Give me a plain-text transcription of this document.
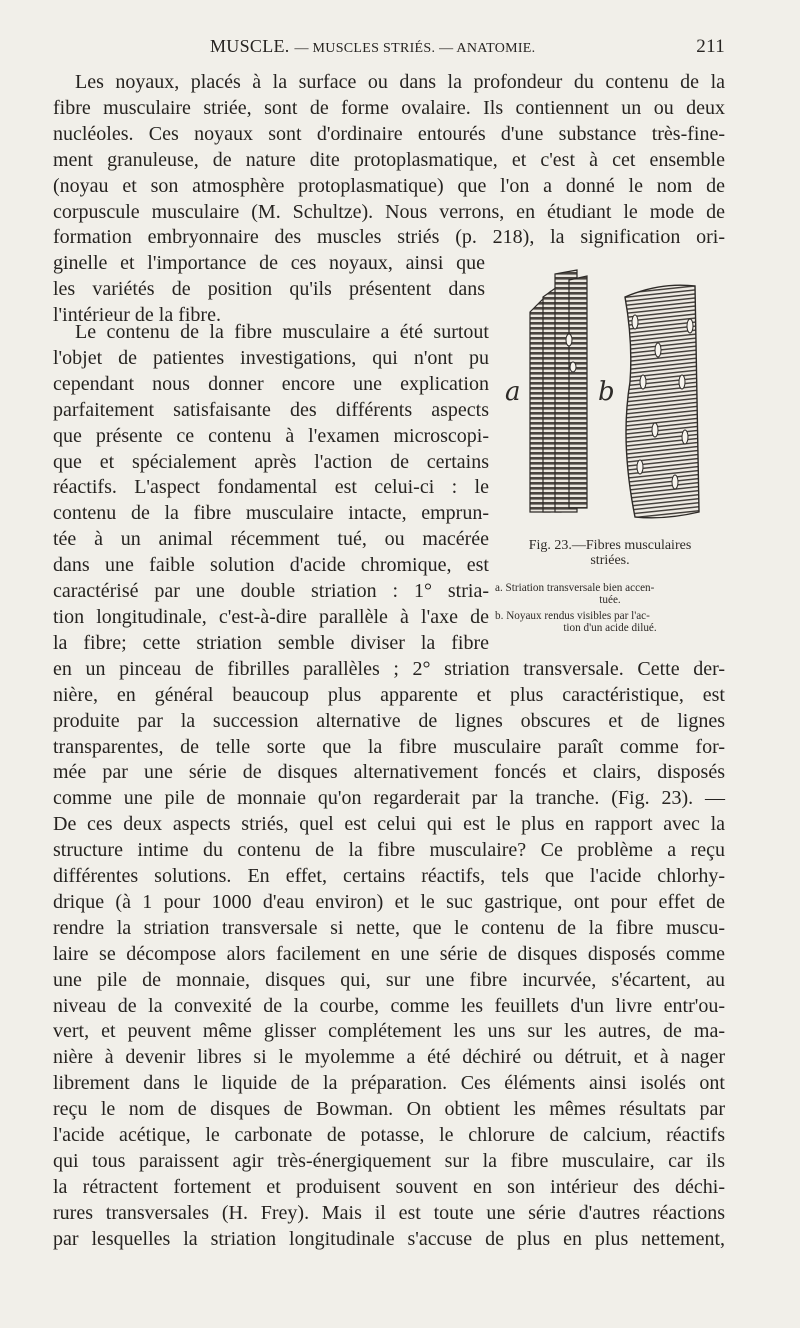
MUSCLE. — MUSCLES STRIÉS. — ANATOMIE.	211
Les noyaux, placés à la surface ou dans la profondeur du contenu de la
fibre musculaire striée, sont de forme ovalaire. Ils contiennent un ou deux
nucléoles. Ces noyaux sont d'ordinaire entourés d'une substance très-fine-
ment granuleuse, de nature dite protoplasmatique, et c'est à cet ensemble
(noyau et son atmosphère protoplasmatique) que l'on a donné le nom de
corpuscule musculaire (M. Schultze). Nous verrons, en étudiant le mode de
formation embryonnaire des muscles striés (p. 218), la signification ori-
ginelle et l'importance de ces noyaux, ainsi que
les variétés de position qu'ils présentent dans
l'intérieur de la fibre.
Le contenu de la fibre musculaire a été surtout
l'objet de patientes investigations, qui n'ont pu
cependant nous donner encore une explication
parfaitement satisfaisante des différents aspects
que présente ce contenu à l'examen microscopi-
que et spécialement après l'action de certains
réactifs. L'aspect fondamental est celui-ci : le
contenu de la fibre musculaire intacte, emprun-
tée à un animal récemment tué, ou macérée
dans une faible solution d'acide chromique, est
caractérisé par une double striation : 1° stria-
tion longitudinale, c'est-à-dire parallèle à l'axe de
la fibre; cette striation semble diviser la fibre
en un pinceau de fibrilles parallèles ; 2° striation transversale. Cette der-
nière, en général beaucoup plus apparente et plus caractéristique, est
produite par la succession alternative de lignes obscures et de lignes
transparentes, de telle sorte que la fibre musculaire paraît comme for-
mée par une série de disques alternativement foncés et clairs, disposés
comme une pile de monnaie qu'on regarderait par la tranche. (Fig. 23). —
De ces deux aspects striés, quel est celui qui est le plus en rapport avec la
structure intime du contenu de la fibre musculaire? Ce problème a reçu
différentes solutions. En effet, certains réactifs, tels que l'acide chlorhy-
drique (à 1 pour 1000 d'eau environ) et le suc gastrique, ont pour effet de
rendre la striation transversale si nette, que le contenu de la fibre muscu-
laire se décompose alors facilement en une série de disques disposés comme
une pile de monnaie, disques qui, sur une fibre incurvée, s'écartent, au
niveau de la convexité de la courbe, comme les feuillets d'un livre entr'ou-
vert, et peuvent même glisser complétement les uns sur les autres, de ma-
nière à devenir libres si le myolemme a été déchiré ou détruit, et à nager
librement dans le liquide de la préparation. Ces éléments ainsi isolés ont
reçu le nom de disques de Bowman. On obtient les mêmes résultats par
l'acide acétique, le carbonate de potasse, le chlorure de calcium, réactifs
qui tous paraissent agir très-énergiquement sur la fibre musculaire, car ils
la rétractent fortement et produisent souvent en son intérieur des déchi-
rures transversales (H. Frey). Mais il est toute une série d'autres réactions
par lesquelles la striation longitudinale s'accuse de plus en plus nettement,
a	b
Fig. 23.—Fibres musculaires
striées.
a. Striation transversale bien accen-
tuée.
b. Noyaux rendus visibles par l'ac-
tion d'un acide dilué.
